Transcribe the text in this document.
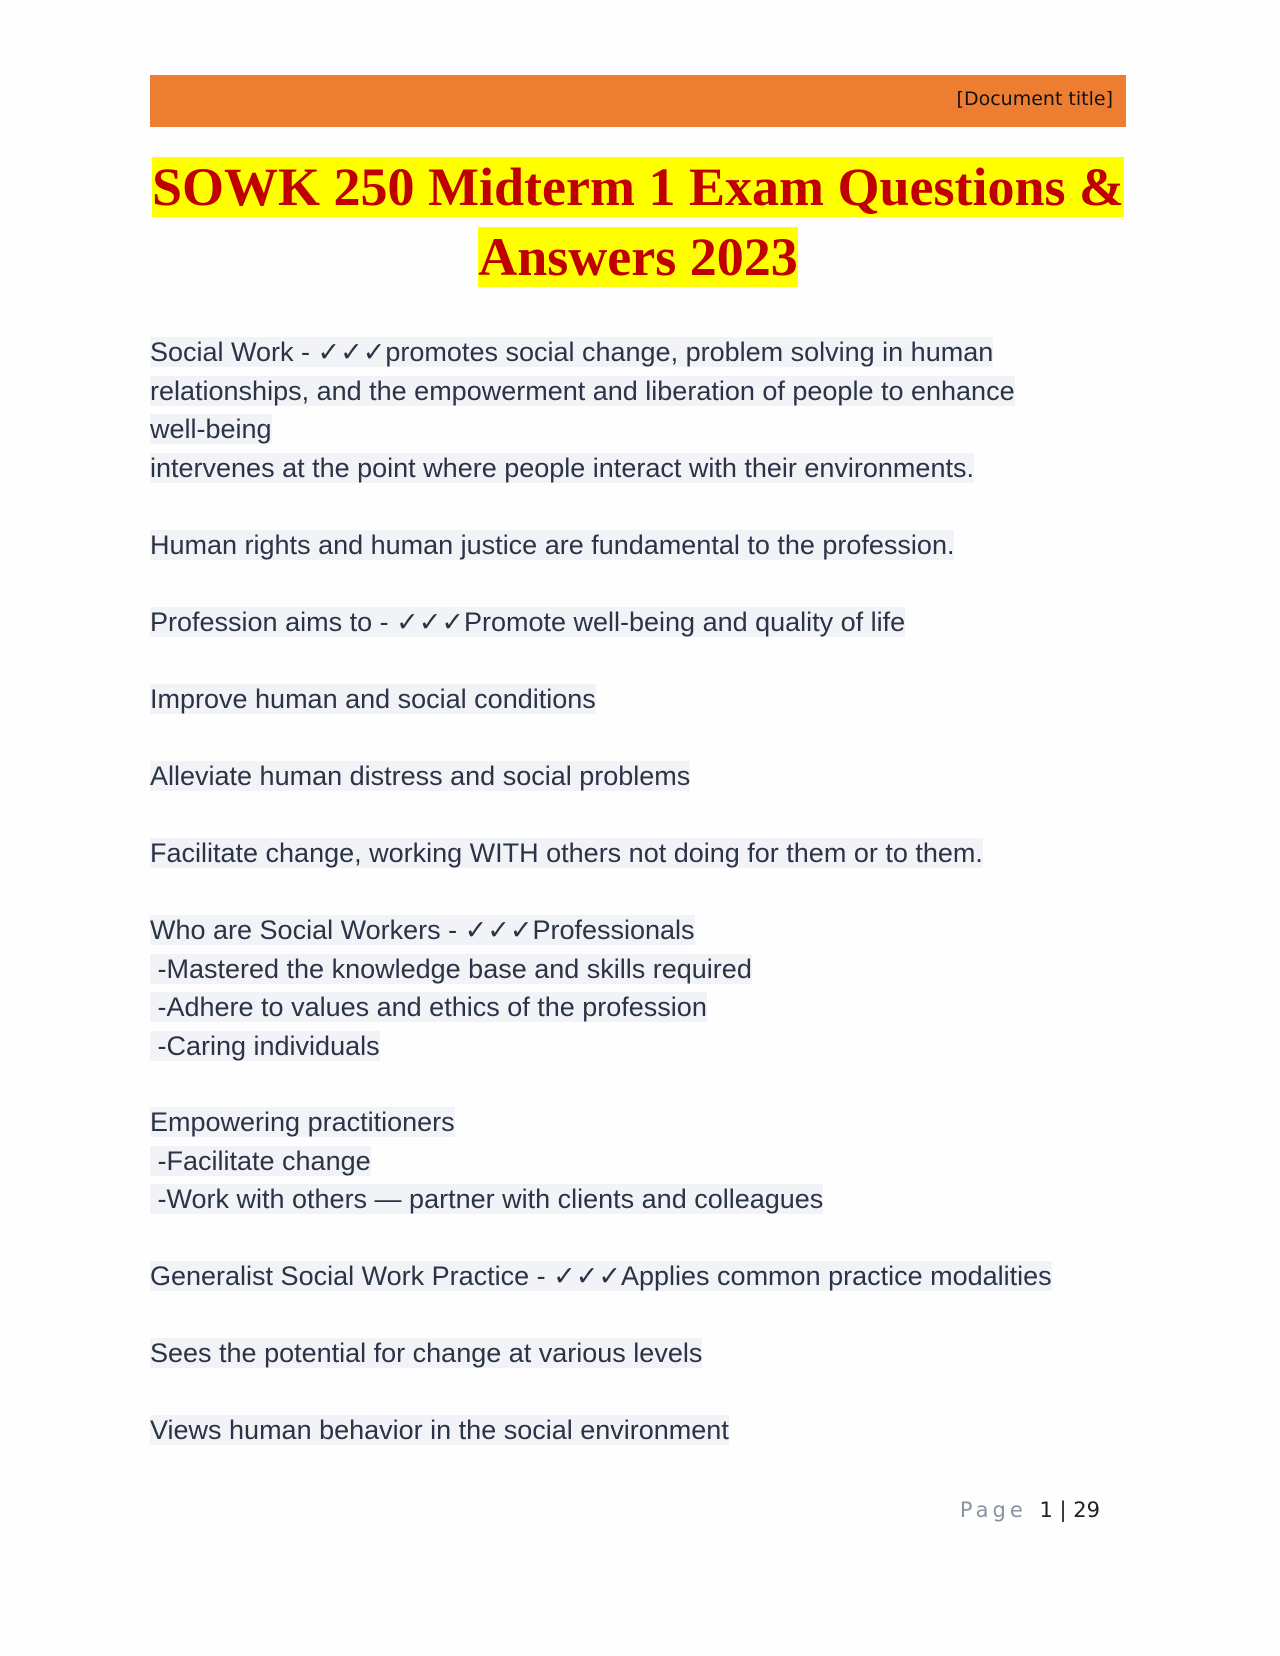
[Document title]
SOWK 250 Midterm 1 Exam Questions &
Answers 2023
Social Work - ✓✓✓promotes social change, problem solving in human
relationships, and the empowerment and liberation of people to enhance
well-being
intervenes at the point where people interact with their environments.
Human rights and human justice are fundamental to the profession.
Profession aims to - ✓✓✓Promote well-being and quality of life
Improve human and social conditions
Alleviate human distress and social problems
Facilitate change, working WITH others not doing for them or to them.
Who are Social Workers - ✓✓✓Professionals
-Mastered the knowledge base and skills required
-Adhere to values and ethics of the profession
-Caring individuals
Empowering practitioners
-Facilitate change
-Work with others — partner with clients and colleagues
Generalist Social Work Practice - ✓✓✓Applies common practice modalities
Sees the potential for change at various levels
Views human behavior in the social environment
Page 1 | 29
